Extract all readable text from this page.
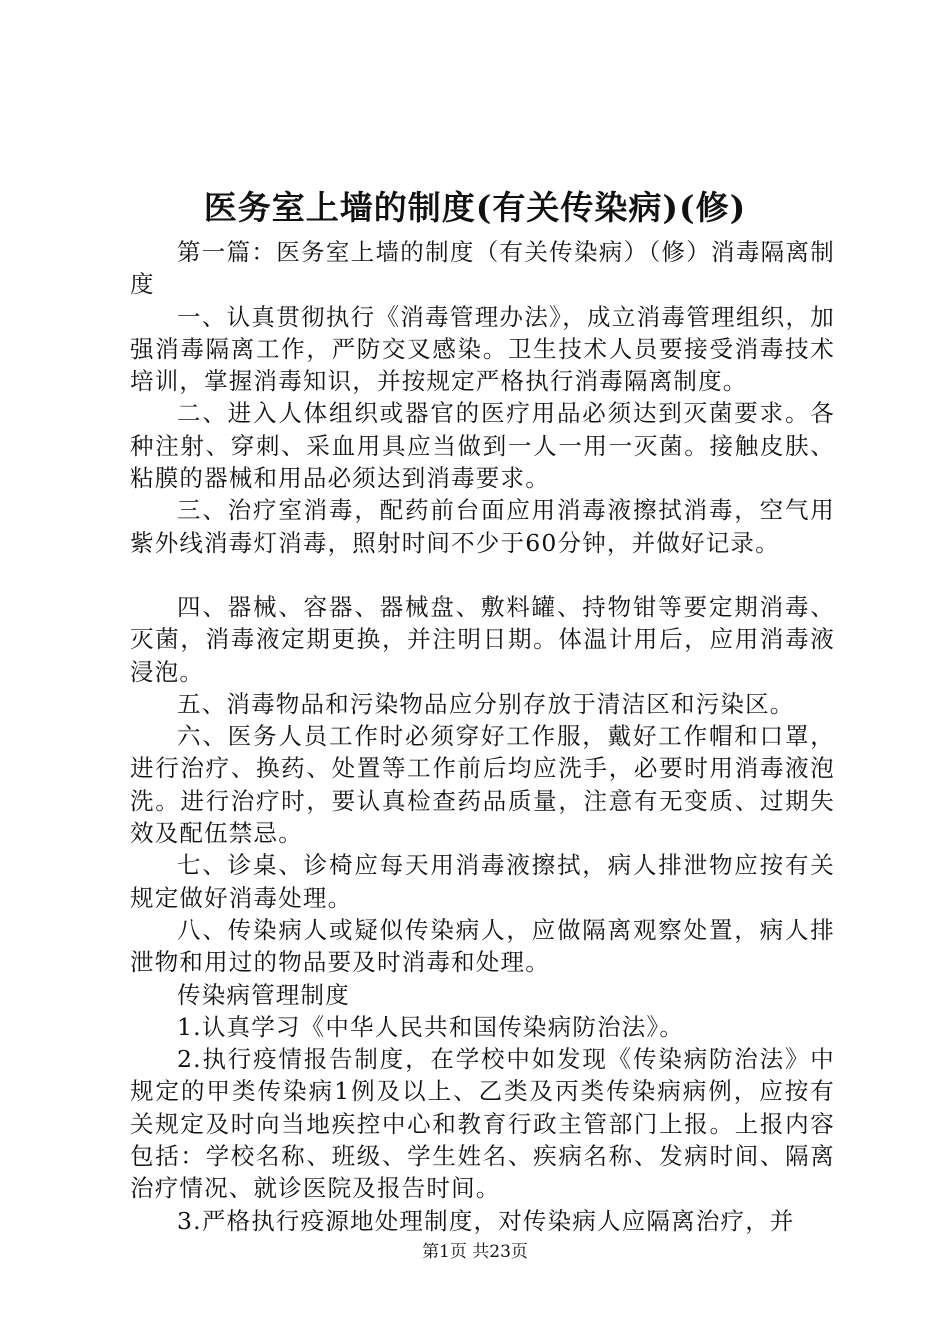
医务室上墙的制度(有关传染病)(修)

第一篇：医务室上墙的制度（有关传染病）（修）消毒隔离制度

一、认真贯彻执行《消毒管理办法》，成立消毒管理组织，加强消毒隔离工作，严防交叉感染。卫生技术人员要接受消毒技术培训，掌握消毒知识，并按规定严格执行消毒隔离制度。

二、进入人体组织或器官的医疗用品必须达到灭菌要求。各种注射、穿刺、采血用具应当做到一人一用一灭菌。接触皮肤、粘膜的器械和用品必须达到消毒要求。

三、治疗室消毒，配药前台面应用消毒液擦拭消毒，空气用紫外线消毒灯消毒，照射时间不少于60分钟，并做好记录。

四、器械、容器、器械盘、敷料罐、持物钳等要定期消毒、灭菌，消毒液定期更换，并注明日期。体温计用后，应用消毒液浸泡。

五、消毒物品和污染物品应分别存放于清洁区和污染区。

六、医务人员工作时必须穿好工作服，戴好工作帽和口罩，进行治疗、换药、处置等工作前后均应洗手，必要时用消毒液泡洗。进行治疗时，要认真检查药品质量，注意有无变质、过期失效及配伍禁忌。

七、诊桌、诊椅应每天用消毒液擦拭，病人排泄物应按有关规定做好消毒处理。

八、传染病人或疑似传染病人，应做隔离观察处置，病人排泄物和用过的物品要及时消毒和处理。

传染病管理制度

1.认真学习《中华人民共和国传染病防治法》。

2.执行疫情报告制度，在学校中如发现《传染病防治法》中规定的甲类传染病1例及以上、乙类及丙类传染病病例，应按有关规定及时向当地疾控中心和教育行政主管部门上报。上报内容包括：学校名称、班级、学生姓名、疾病名称、发病时间、隔离治疗情况、就诊医院及报告时间。

3.严格执行疫源地处理制度，对传染病人应隔离治疗，并

第1页 共23页
